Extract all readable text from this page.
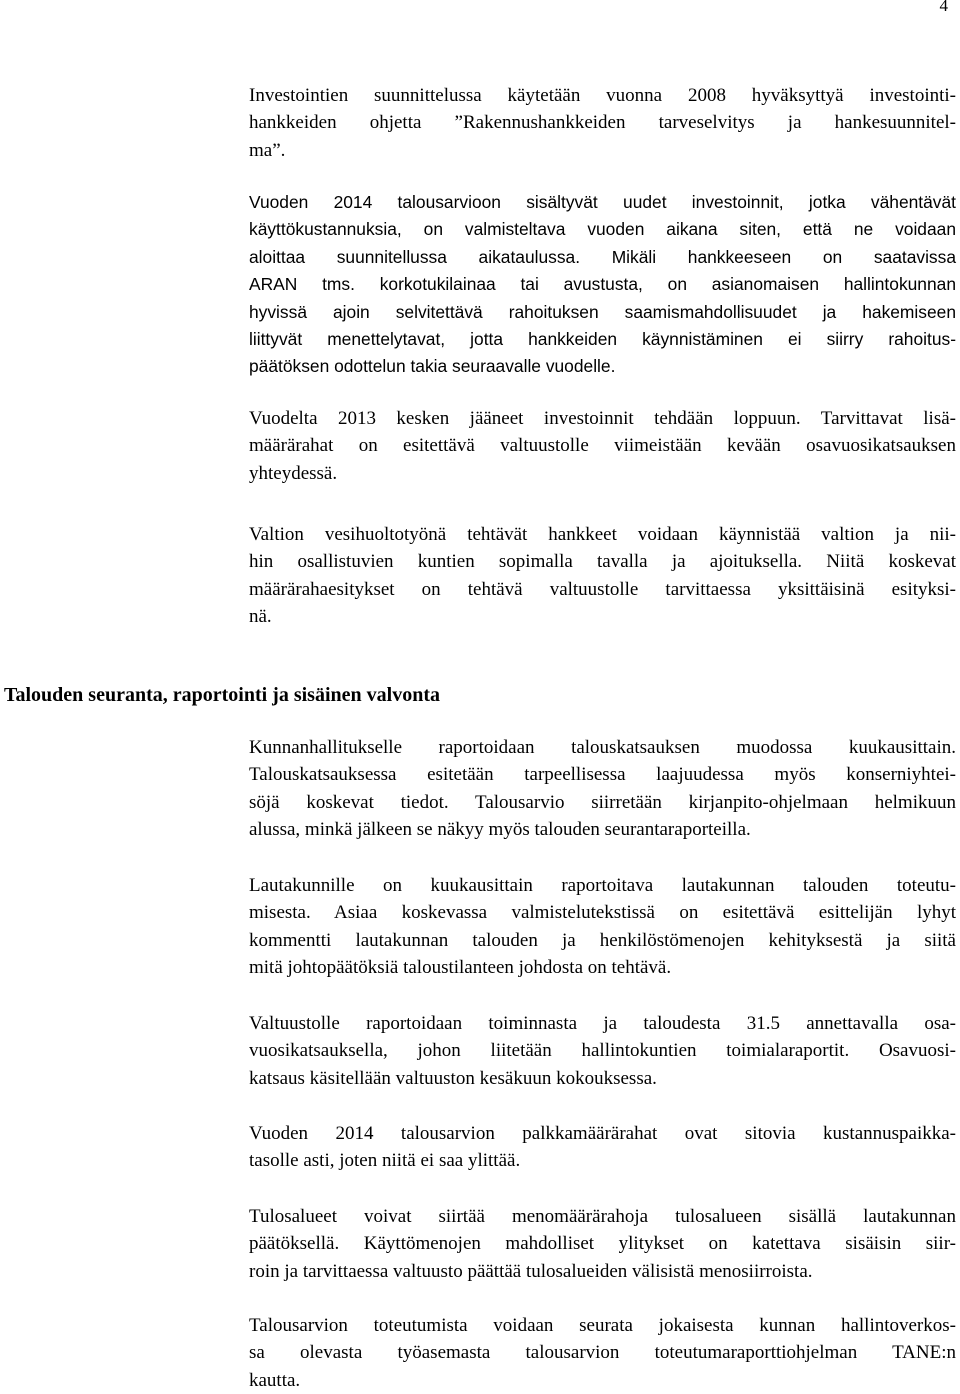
4
Investointien suunnittelussa käytetään vuonna 2008 hyväksyttyä investointi-
hankkeiden ohjetta ”Rakennushankkeiden tarveselvitys ja hankesuunnitel-
ma”.
Vuoden 2014 talousarvioon sisältyvät uudet investoinnit, jotka vähentävät
käyttökustannuksia, on valmisteltava vuoden aikana siten, että ne voidaan
aloittaa suunnitellussa aikataulussa. Mikäli hankkeeseen on saatavissa
ARAN tms. korkotukilainaa tai avustusta, on asianomaisen hallintokunnan
hyvissä ajoin selvitettävä rahoituksen saamismahdollisuudet ja hakemiseen
liittyvät menettelytavat, jotta hankkeiden käynnistäminen ei siirry rahoitus-
päätöksen odottelun takia seuraavalle vuodelle.
Vuodelta 2013 kesken jääneet investoinnit tehdään loppuun. Tarvittavat lisä-
määrärahat on esitettävä valtuustolle viimeistään kevään osavuosikatsauksen
yhteydessä.
Valtion vesihuoltotyönä tehtävät hankkeet voidaan käynnistää valtion ja nii-
hin osallistuvien kuntien sopimalla tavalla ja ajoituksella. Niitä koskevat
määrärahaesitykset on tehtävä valtuustolle tarvittaessa yksittäisinä esityksi-
nä.
Talouden seuranta, raportointi ja sisäinen valvonta
Kunnanhallitukselle raportoidaan talouskatsauksen muodossa kuukausittain.
Talouskatsauksessa esitetään tarpeellisessa laajuudessa myös konserniyhtei-
söjä koskevat tiedot. Talousarvio siirretään kirjanpito-ohjelmaan helmikuun
alussa, minkä jälkeen se näkyy myös talouden seurantaraporteilla.
Lautakunnille on kuukausittain raportoitava lautakunnan talouden toteutu-
misesta. Asiaa koskevassa valmistelutekstissä on esitettävä esittelijän lyhyt
kommentti lautakunnan talouden ja henkilöstömenojen kehityksestä ja siitä
mitä johtopäätöksiä taloustilanteen johdosta on tehtävä.
Valtuustolle raportoidaan toiminnasta ja taloudesta 31.5 annettavalla osa-
vuosikatsauksella, johon liitetään hallintokuntien toimialaraportit. Osavuosi-
katsaus käsitellään valtuuston kesäkuun kokouksessa.
Vuoden 2014 talousarvion palkkamäärärahat ovat sitovia kustannuspaikka-
tasolle asti, joten niitä ei saa ylittää.
Tulosalueet voivat siirtää menomäärärahoja tulosalueen sisällä lautakunnan
päätöksellä. Käyttömenojen mahdolliset ylitykset on katettava sisäisin siir-
roin ja tarvittaessa valtuusto päättää tulosalueiden välisistä menosiirroista.
Talousarvion toteutumista voidaan seurata jokaisesta kunnan hallintoverkos-
sa olevasta työasemasta talousarvion toteutumaraporttiohjelman TANE:n
kautta.
